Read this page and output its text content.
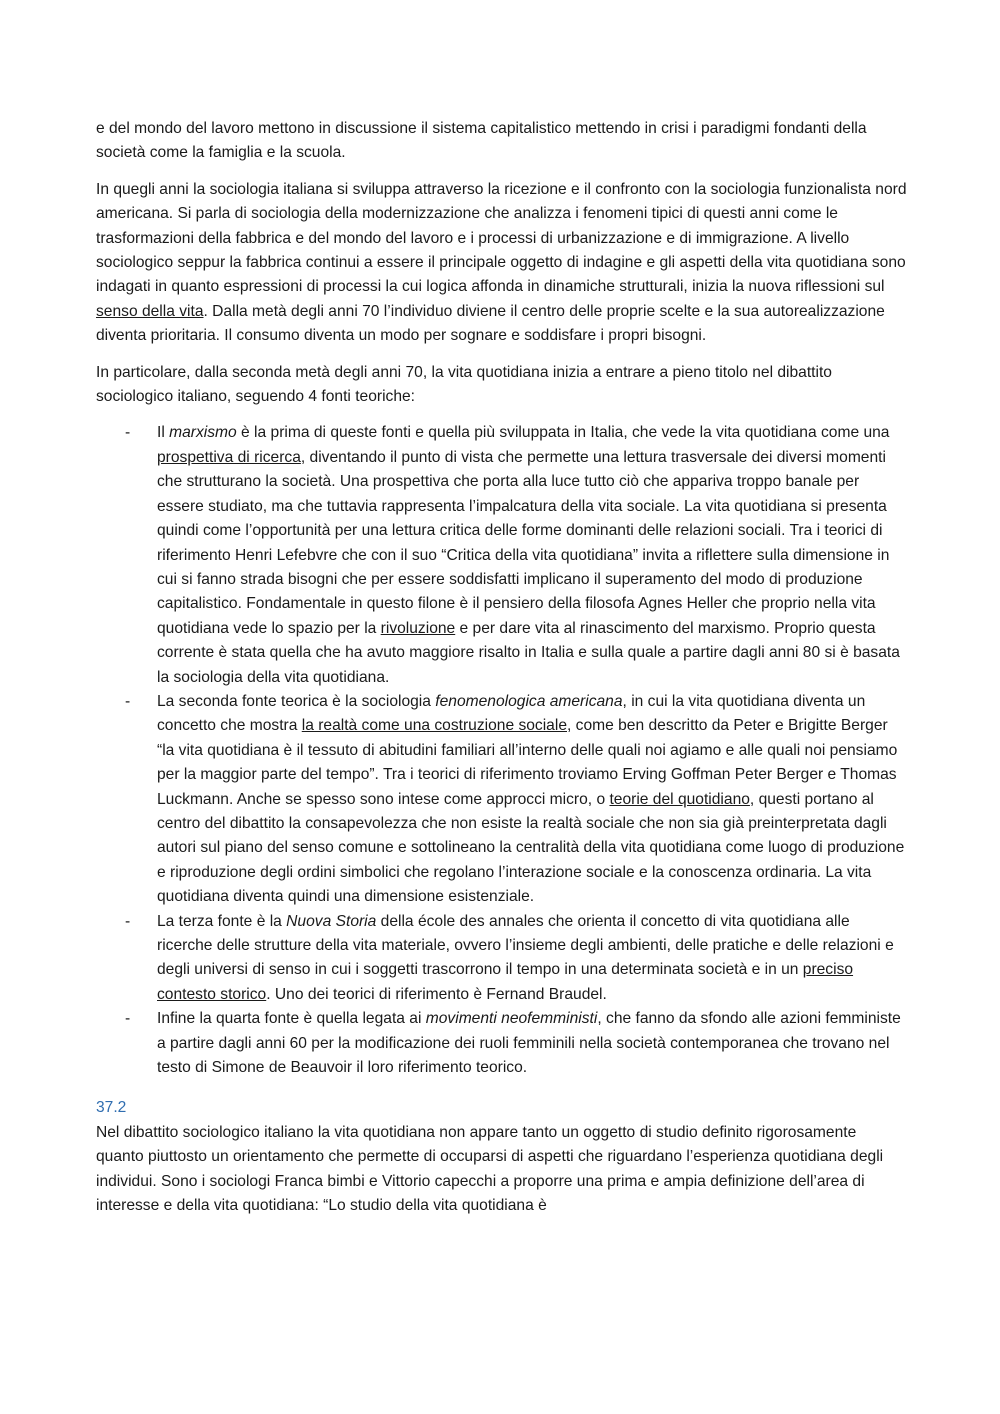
e del mondo del lavoro mettono in discussione il sistema capitalistico mettendo in crisi i paradigmi fondanti della società come la famiglia e la scuola.

In quegli anni la sociologia italiana si sviluppa attraverso la ricezione e il confronto con la sociologia funzionalista nord americana. Si parla di sociologia della modernizzazione che analizza i fenomeni tipici di questi anni come le trasformazioni della fabbrica e del mondo del lavoro e i processi di urbanizzazione e di immigrazione. A livello sociologico seppur la fabbrica continui a essere il principale oggetto di indagine e gli aspetti della vita quotidiana sono indagati in quanto espressioni di processi la cui logica affonda in dinamiche strutturali, inizia la nuova riflessioni sul senso della vita. Dalla metà degli anni 70 l’individuo diviene il centro delle proprie scelte e la sua autorealizzazione diventa prioritaria. Il consumo diventa un modo per sognare e soddisfare i propri bisogni.

In particolare, dalla seconda metà degli anni 70, la vita quotidiana inizia a entrare a pieno titolo nel dibattito sociologico italiano, seguendo 4 fonti teoriche:

- Il marxismo è la prima di queste fonti e quella più sviluppata in Italia, che vede la vita quotidiana come una prospettiva di ricerca, diventando il punto di vista che permette una lettura trasversale dei diversi momenti che strutturano la società. Una prospettiva che porta alla luce tutto ciò che appariva troppo banale per essere studiato, ma che tuttavia rappresenta l’impalcatura della vita sociale. La vita quotidiana si presenta quindi come l’opportunità per una lettura critica delle forme dominanti delle relazioni sociali. Tra i teorici di riferimento Henri Lefebvre che con il suo “Critica della vita quotidiana” invita a riflettere sulla dimensione in cui si fanno strada bisogni che per essere soddisfatti implicano il superamento del modo di produzione capitalistico. Fondamentale in questo filone è il pensiero della filosofa Agnes Heller che proprio nella vita quotidiana vede lo spazio per la rivoluzione e per dare vita al rinascimento del marxismo. Proprio questa corrente è stata quella che ha avuto maggiore risalto in Italia e sulla quale a partire dagli anni 80 si è basata la sociologia della vita quotidiana.
- La seconda fonte teorica è la sociologia fenomenologica americana, in cui la vita quotidiana diventa un concetto che mostra la realtà come una costruzione sociale, come ben descritto da Peter e Brigitte Berger “la vita quotidiana è il tessuto di abitudini familiari all’interno delle quali noi agiamo e alle quali noi pensiamo per la maggior parte del tempo”. Tra i teorici di riferimento troviamo Erving Goffman Peter Berger e Thomas Luckmann. Anche se spesso sono intese come approcci micro, o teorie del quotidiano, questi portano al centro del dibattito la consapevolezza che non esiste la realtà sociale che non sia già preinterpretata dagli autori sul piano del senso comune e sottolineano la centralità della vita quotidiana come luogo di produzione e riproduzione degli ordini simbolici che regolano l’interazione sociale e la conoscenza ordinaria. La vita quotidiana diventa quindi una dimensione esistenziale.
- La terza fonte è la Nuova Storia della école des annales che orienta il concetto di vita quotidiana alle ricerche delle strutture della vita materiale, ovvero l’insieme degli ambienti, delle pratiche e delle relazioni e degli universi di senso in cui i soggetti trascorrono il tempo in una determinata società e in un preciso contesto storico. Uno dei teorici di riferimento è Fernand Braudel.
- Infine la quarta fonte è quella legata ai movimenti neofemministi, che fanno da sfondo alle azioni femministe a partire dagli anni 60 per la modificazione dei ruoli femminili nella società contemporanea che trovano nel testo di Simone de Beauvoir il loro riferimento teorico.
37.2

Nel dibattito sociologico italiano la vita quotidiana non appare tanto un oggetto di studio definito rigorosamente quanto piuttosto un orientamento che permette di occuparsi di aspetti che riguardano l’esperienza quotidiana degli individui. Sono i sociologi Franca bimbi e Vittorio capecchi a proporre una prima e ampia definizione dell’area di interesse e della vita quotidiana: “Lo studio della vita quotidiana è
